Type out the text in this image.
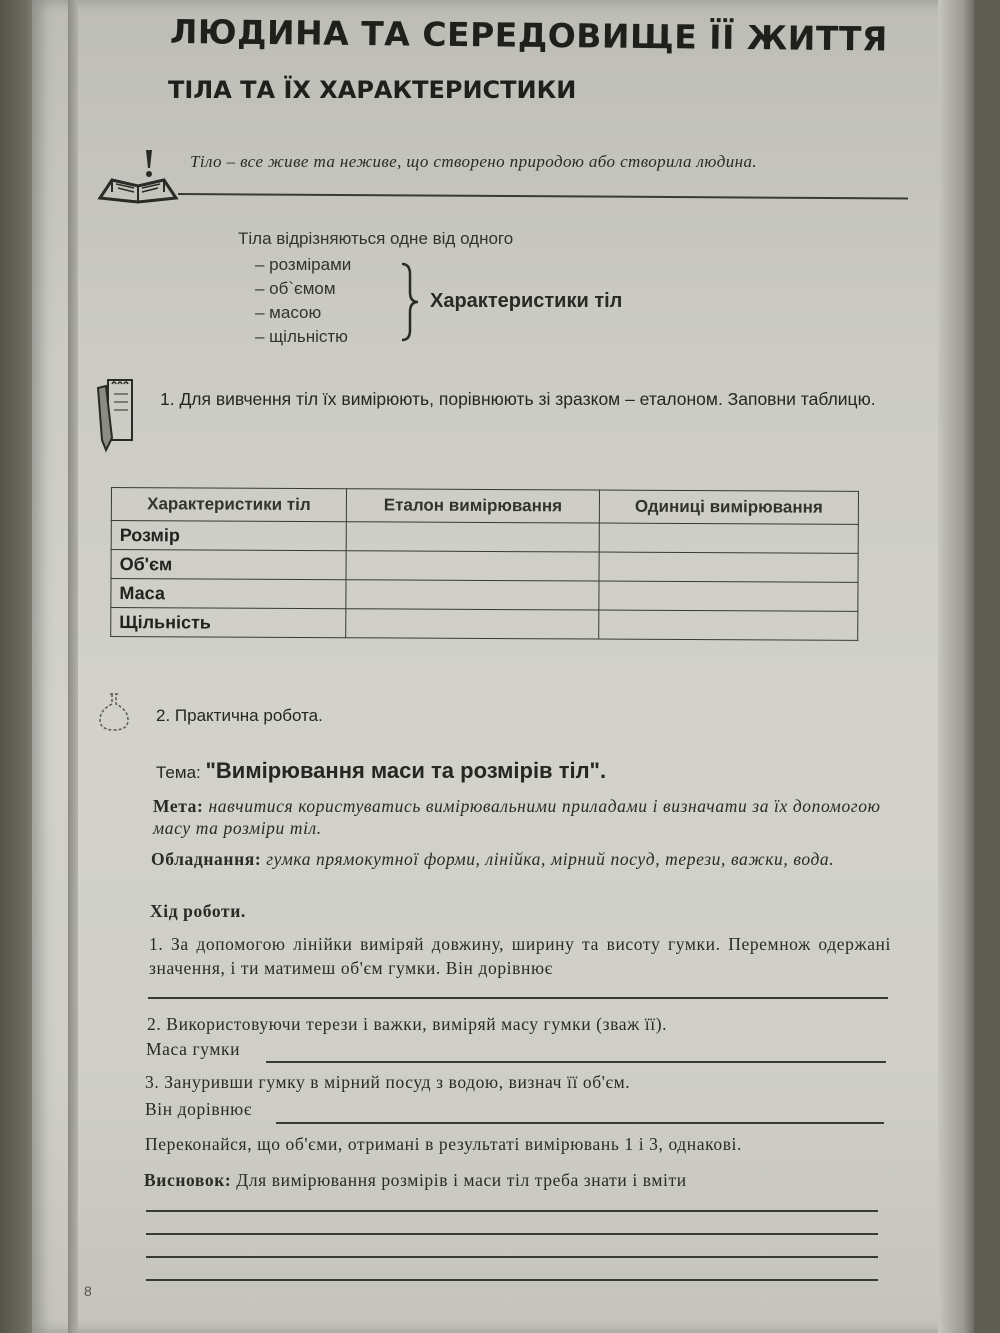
ЛЮДИНА ТА СЕРЕДОВИЩЕ ЇЇ ЖИТТЯ
ТІЛА ТА ЇХ ХАРАКТЕРИСТИКИ
Тіло – все живе та неживе, що створено природою або створила людина.
Тіла відрізняються одне від одного
– розмірами
– об`ємом
– масою
– щільністю
Характеристики тіл
1. Для вивчення тіл їх вимірюють, порівнюють зі зразком – еталоном. Заповни таблицю.
Характеристики тіл	Еталон вимірювання	Одиниці вимірювання
Розмір		
Об'єм		
Маса		
Щільність		
2. Практична робота.
Тема: "Вимірювання маси та розмірів тіл".
Мета: навчитися користуватись вимірювальними приладами і визначати за їх допомогою масу та розміри тіл.
Обладнання: гумка прямокутної форми, лінійка, мірний посуд, терези, важки, вода.
Хід роботи.
1. За допомогою лінійки виміряй довжину, ширину та висоту гумки. Перемнож одержані значення, і ти матимеш об'єм гумки. Він дорівнює
2. Використовуючи терези і важки, виміряй масу гумки (зваж її).
Маса гумки
3. Зануривши гумку в мірний посуд з водою, визнач її об'єм.
Він дорівнює
Переконайся, що об'єми, отримані в результаті вимірювань 1 і 3, однакові.
Висновок: Для вимірювання розмірів і маси тіл треба знати і вміти
8
